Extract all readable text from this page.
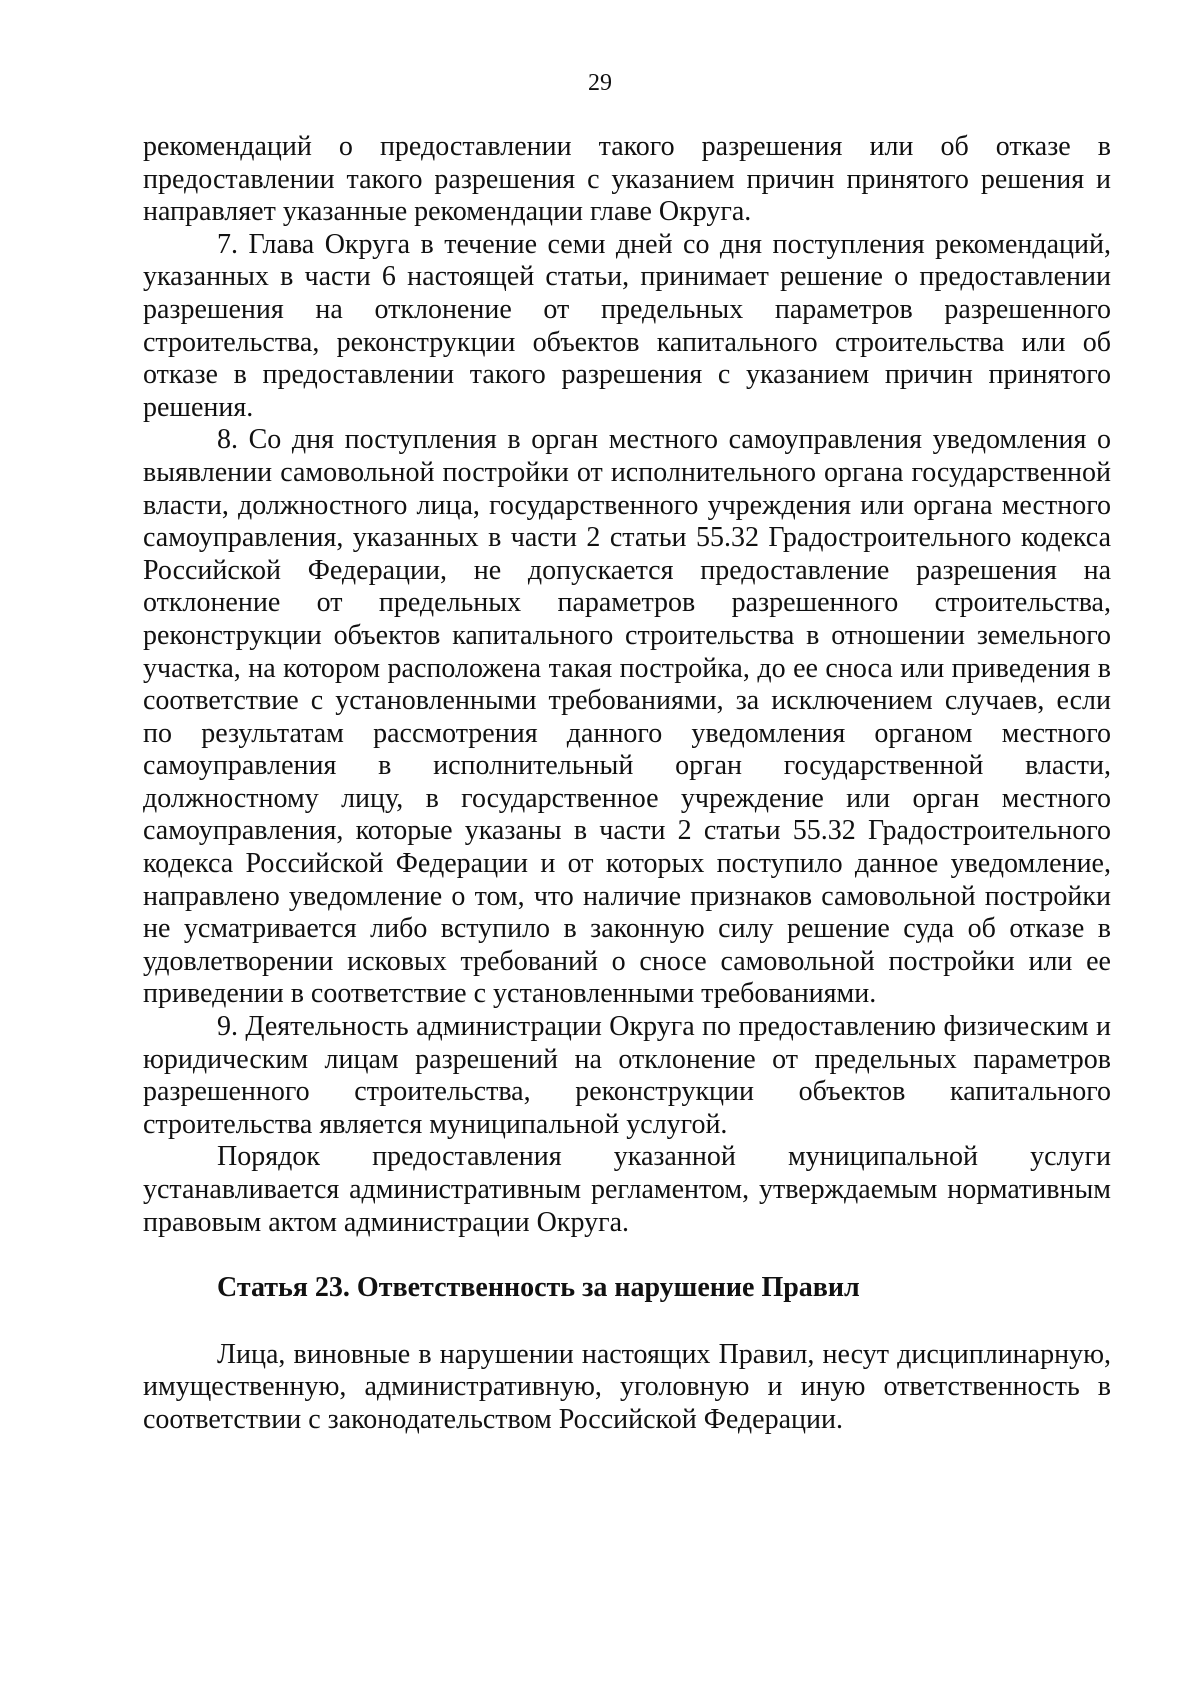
29

рекомендаций о предоставлении такого разрешения или об отказе в предоставлении такого разрешения с указанием причин принятого решения и направляет указанные рекомендации главе Округа.

7. Глава Округа в течение семи дней со дня поступления рекомендаций, указанных в части 6 настоящей статьи, принимает решение о предоставлении разрешения на отклонение от предельных параметров разрешенного строительства, реконструкции объектов капитального строительства или об отказе в предоставлении такого разрешения с указанием причин принятого решения.

8. Со дня поступления в орган местного самоуправления уведомления о выявлении самовольной постройки от исполнительного органа государственной власти, должностного лица, государственного учреждения или органа местного самоуправления, указанных в части 2 статьи 55.32 Градостроительного кодекса Российской Федерации, не допускается предоставление разрешения на отклонение от предельных параметров разрешенного строительства, реконструкции объектов капитального строительства в отношении земельного участка, на котором расположена такая постройка, до ее сноса или приведения в соответствие с установленными требованиями, за исключением случаев, если по результатам рассмотрения данного уведомления органом местного самоуправления в исполнительный орган государственной власти, должностному лицу, в государственное учреждение или орган местного самоуправления, которые указаны в части 2 статьи 55.32 Градостроительного кодекса Российской Федерации и от которых поступило данное уведомление, направлено уведомление о том, что наличие признаков самовольной постройки не усматривается либо вступило в законную силу решение суда об отказе в удовлетворении исковых требований о сносе самовольной постройки или ее приведении в соответствие с установленными требованиями.

9. Деятельность администрации Округа по предоставлению физическим и юридическим лицам разрешений на отклонение от предельных параметров разрешенного строительства, реконструкции объектов капитального строительства является муниципальной услугой.

Порядок предоставления указанной муниципальной услуги устанавливается административным регламентом, утверждаемым нормативным правовым актом администрации Округа.

Статья 23. Ответственность за нарушение Правил

Лица, виновные в нарушении настоящих Правил, несут дисциплинарную, имущественную, административную, уголовную и иную ответственность в соответствии с законодательством Российской Федерации.
